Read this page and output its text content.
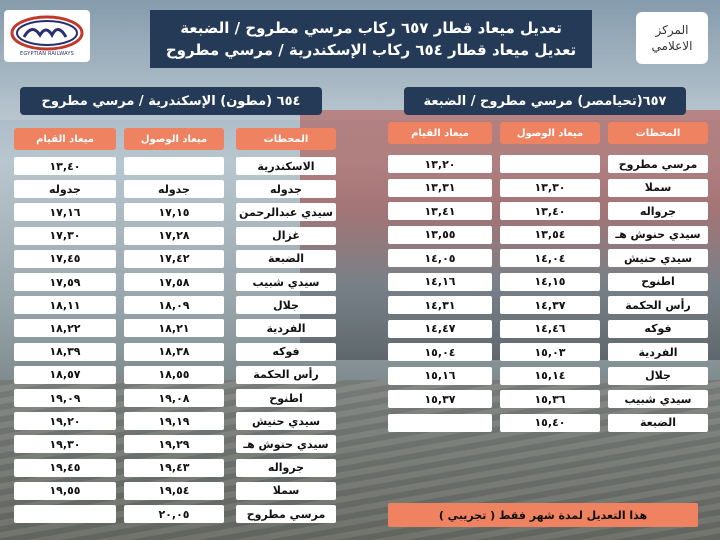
EGYPTIAN RAILWAYS
تعديل ميعاد قطار ٦٥٧ ركاب مرسي مطروح / الضبعة
تعديل ميعاد قطار ٦٥٤ ركاب الإسكندرية / مرسي مطروح
المركز
الاعلامي
٦٥٧(تحيامصر) مرسي مطروح / الضبعة
المحطات
ميعاد الوصول
ميعاد القيام
مرسي مطروح
١٣,٢٠
سملا
١٣,٣٠
١٣,٣١
جرواله
١٣,٤٠
١٣,٤١
سيدي حنوش هـ
١٣,٥٤
١٣,٥٥
سيدي حنيش
١٤,٠٤
١٤,٠٥
اطنوح
١٤,١٥
١٤,١٦
رأس الحكمة
١٤,٣٧
١٤,٣١
فوكه
١٤,٤٦
١٤,٤٧
الفردية
١٥,٠٣
١٥,٠٤
جلال
١٥,١٤
١٥,١٦
سيدي شبيب
١٥,٣٦
١٥,٣٧
الضبعة
١٥,٤٠
٦٥٤ (مطون) الإسكندرية / مرسي مطروح
المحطات
ميعاد الوصول
ميعاد القيام
الاسكندرية
١٣,٤٠
جدوله
جدوله
جدوله
سيدي عبدالرحمن
١٧,١٥
١٧,١٦
غزال
١٧,٢٨
١٧,٣٠
الضبعة
١٧,٤٢
١٧,٤٥
سيدي شبيب
١٧,٥٨
١٧,٥٩
جلال
١٨,٠٩
١٨,١١
الفردية
١٨,٢١
١٨,٢٢
فوكه
١٨,٣٨
١٨,٣٩
رأس الحكمة
١٨,٥٥
١٨,٥٧
اطنوح
١٩,٠٨
١٩,٠٩
سيدي حنيش
١٩,١٩
١٩,٢٠
سيدي حنوش هـ
١٩,٢٩
١٩,٣٠
جرواله
١٩,٤٣
١٩,٤٥
سملا
١٩,٥٤
١٩,٥٥
مرسي مطروح
٢٠,٠٥	هذا التعديل لمدة شهر فقط ( تجريبي )
